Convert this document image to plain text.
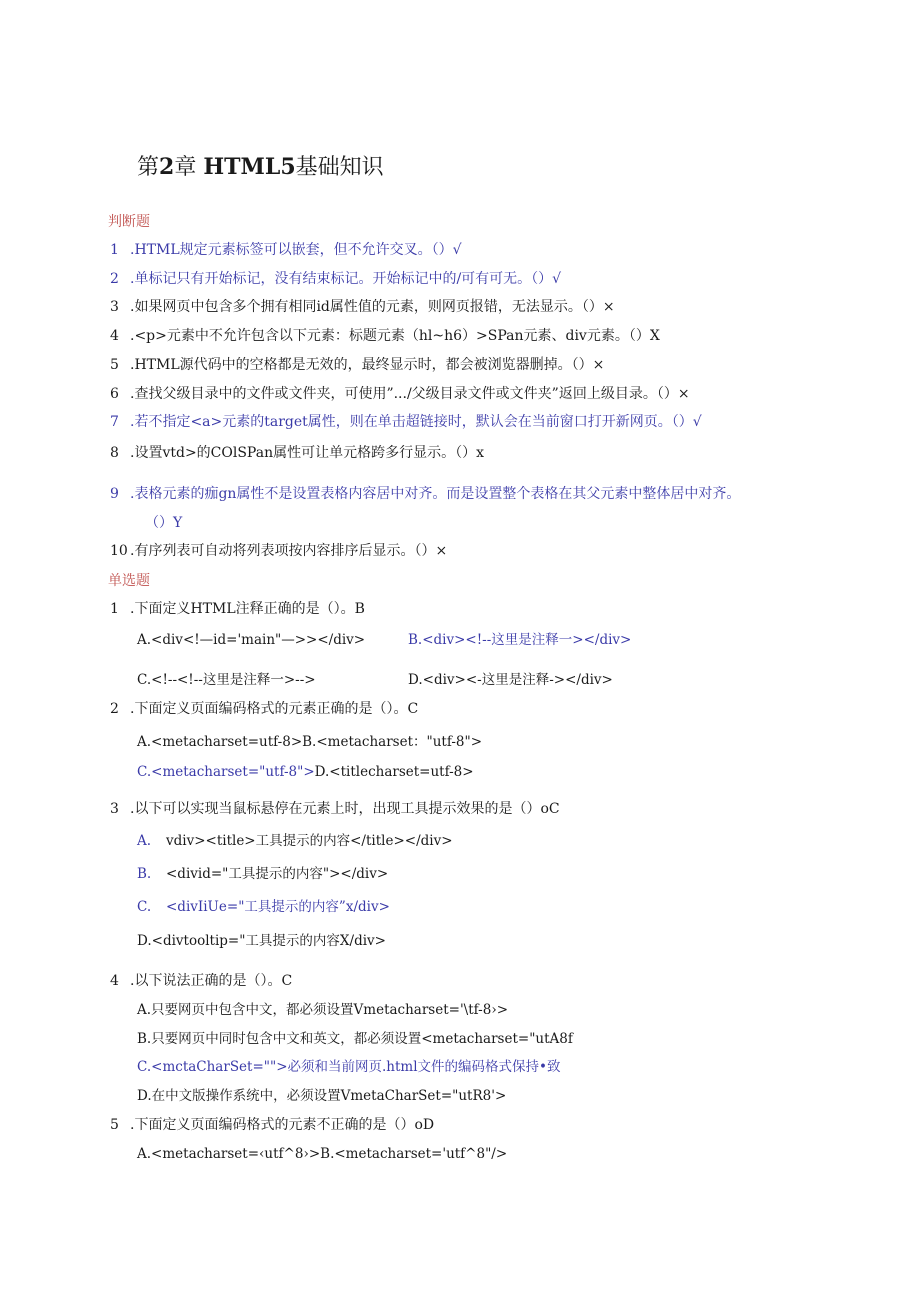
第2章 HTML5基础知识
判断题
1 .HTML规定元素标签可以嵌套，但不允许交叉。（）√
2 .单标记只有开始标记，没有结束标记。开始标记中的/可有可无。（）√
3 .如果网页中包含多个拥有相同id属性值的元素，则网页报错，无法显示。（）×
4 .<p>元素中不允许包含以下元素：标题元素（hl~h6）>SPan元素、div元素。（）X
5 .HTML源代码中的空格都是无效的，最终显示时，都会被浏览器删掉。（）×
6 .查找父级目录中的文件或文件夹，可使用”.../父级目录文件或文件夹”返回上级目录。（）×
7 .若不指定<a>元素的target属性，则在单击超链接时，默认会在当前窗口打开新网页。（）√
8 .设置vtd>的COlSPan属性可让单元格跨多行显示。（）x
9 .表格元素的痂gn属性不是设置表格内容居中对齐。而是设置整个表格在其父元素中整体居中对齐。
（）Y
10 .有序列表可自动将列表项按内容排序后显示。（）×
单选题
1 .下面定义HTML注释正确的是（）。B
A.<div<!—id='main"—>></div>	B.<div><!--这里是注释一></div>
C.<!--<!--这里是注释一>-->	D.<div><-这里是注释-></div>
2 .下面定义页面编码格式的元素正确的是（）。C
A.<metacharset=utf-8>B.<metacharset："utf-8">
C.<metacharset="utf-8">D.<titlecharset=utf-8>
3 .以下可以实现当鼠标悬停在元素上时，出现工具提示效果的是（）oC
A. vdiv><title>工具提示的内容</title></div>
B. <divid="工具提示的内容"></div>
C. <divIiUe="工具提示的内容”x/div>
D.<divtooltip="工具提示的内容X/div>
4 .以下说法正确的是（）。C
A.只要网页中包含中文，都必须设置Vmetacharset='\tf-8›>
B.只要网页中同时包含中文和英文，都必须设置<metacharset="utA8f
C.<mctaCharSet="">必须和当前网页.html文件的编码格式保持•致
D.在中文版操作系统中，必须设置VmetaCharSet="utR8'>
5 .下面定义页面编码格式的元素不正确的是（）oD
A.<metacharset=‹utf^8›>B.<metacharset='utf^8"/>
